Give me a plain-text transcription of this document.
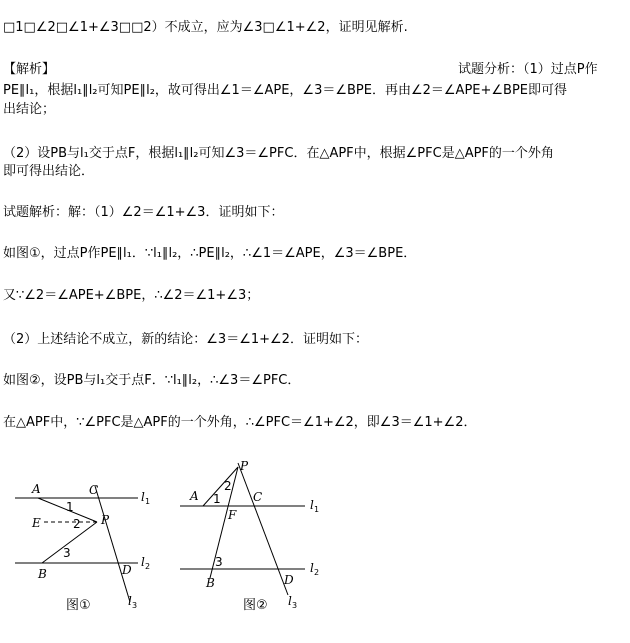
□1□∠2□∠1+∠3□□2）不成立，应为∠3□∠1+∠2，证明见解析.
【解析】	试题分析：（1）过点P作
PE∥l₁，根据l₁∥l₂可知PE∥l₂，故可得出∠1＝∠APE，∠3＝∠BPE．再由∠2＝∠APE+∠BPE即可得
出结论；
（2）设PB与l₁交于点F，根据l₁∥l₂可知∠3＝∠PFC．在△APF中，根据∠PFC是△APF的一个外角
即可得出结论．
试题解析：解：（1）∠2＝∠1+∠3．证明如下：
如图①，过点P作PE∥l₁．∵l₁∥l₂，∴PE∥l₂，∴∠1＝∠APE，∠3＝∠BPE．
又∵∠2＝∠APE+∠BPE，∴∠2＝∠1+∠3；
（2）上述结论不成立，新的结论：∠3＝∠1+∠2．证明如下：
如图②，设PB与l₁交于点F．∵l₁∥l₂，∴∠3＝∠PFC．
在△APF中，∵∠PFC是△APF的一个外角，∴∠PFC＝∠1+∠2，即∠3＝∠1+∠2．
A	C	l 1
1
E	2 P
3
B	D
l 2
l 3
图①
P
2
A 1	C
F
l 1
3	l 2
B	D
l 3
图②
